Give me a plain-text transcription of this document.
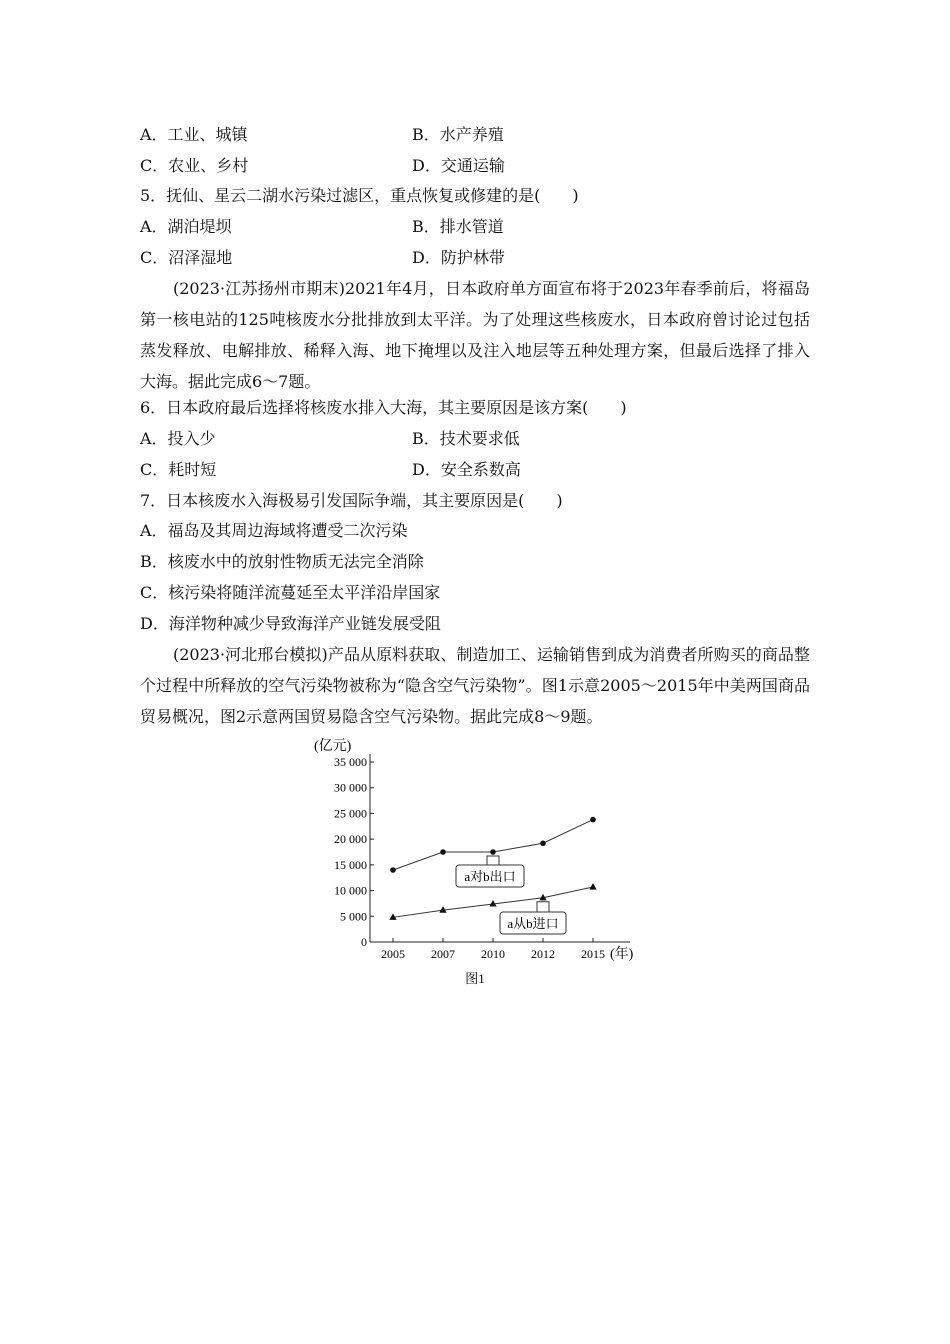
A．工业、城镇	B．水产养殖
C．农业、乡村	D．交通运输
5．抚仙、星云二湖水污染过滤区，重点恢复或修建的是(　　)
A．湖泊堤坝	B．排水管道
C．沼泽湿地	D．防护林带
(2023·江苏扬州市期末)2021年4月，日本政府单方面宣布将于2023年春季前后，将福岛第一核电站的125吨核废水分批排放到太平洋。为了处理这些核废水，日本政府曾讨论过包括蒸发释放、电解排放、稀释入海、地下掩埋以及注入地层等五种处理方案，但最后选择了排入大海。据此完成6～7题。
6．日本政府最后选择将核废水排入大海，其主要原因是该方案(　　)
A．投入少	B．技术要求低
C．耗时短	D．安全系数高
7．日本核废水入海极易引发国际争端，其主要原因是(　　)
A．福岛及其周边海域将遭受二次污染
B．核废水中的放射性物质无法完全消除
C．核污染将随洋流蔓延至太平洋沿岸国家
D．海洋物种减少导致海洋产业链发展受阻
(2023·河北邢台模拟)产品从原料获取、制造加工、运输销售到成为消费者所购买的商品整个过程中所释放的空气污染物被称为“隐含空气污染物”。图1示意2005～2015年中美两国商品贸易概况，图2示意两国贸易隐含空气污染物。据此完成8～9题。
(亿元)
(年)
图1
0
5 000
10 000
15 000
20 000
25 000
30 000
35 000
2005 2007 2010 2012 2015
a对b出口
a从b进口
